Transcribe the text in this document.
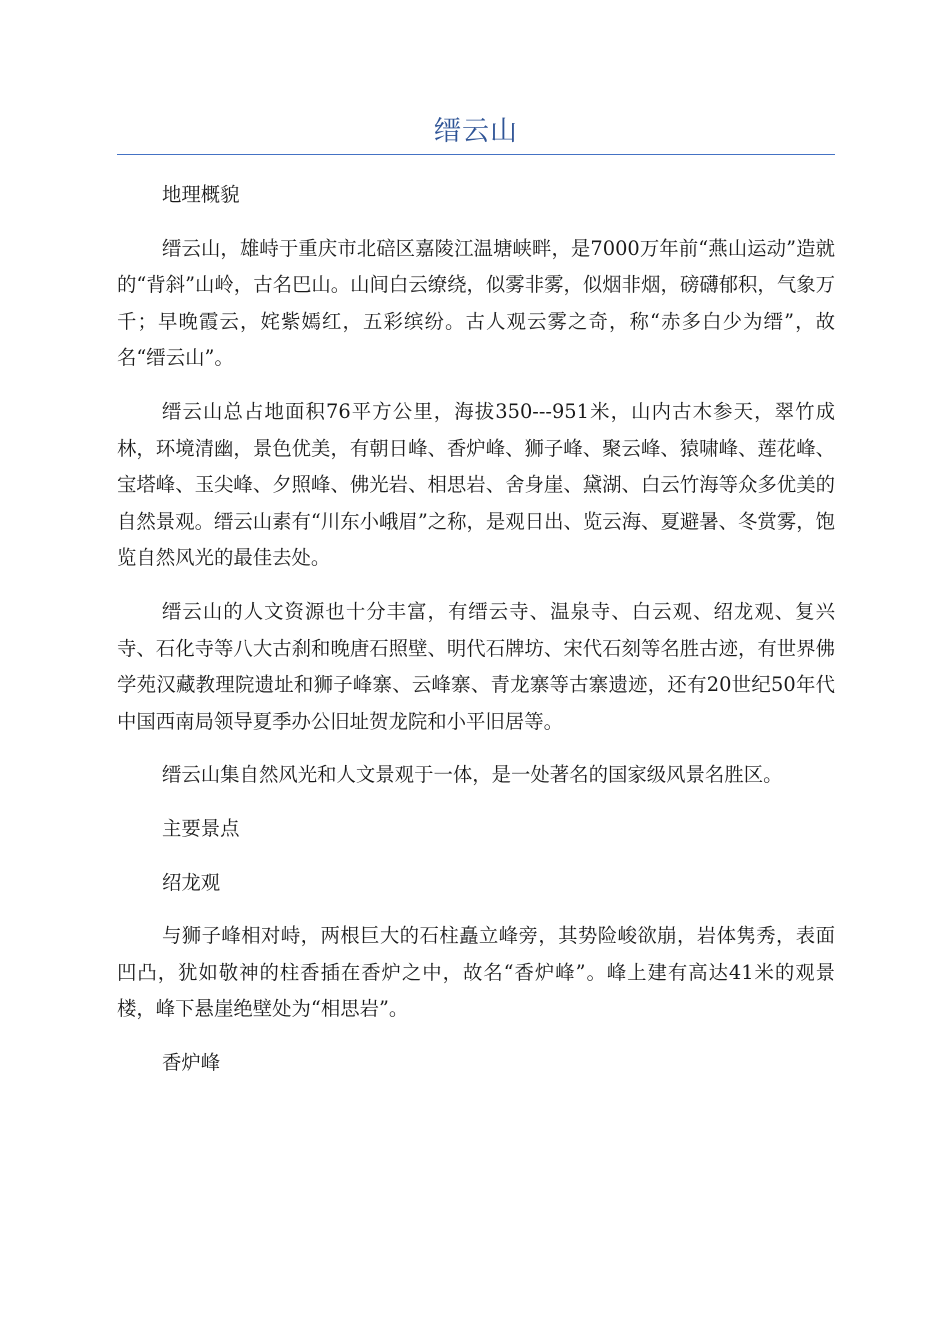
缙云山

地理概貌

缙云山，雄峙于重庆市北碚区嘉陵江温塘峡畔，是7000万年前“燕山运动”造就的“背斜”山岭，古名巴山。山间白云缭绕，似雾非雾，似烟非烟，磅礴郁积，气象万千；早晚霞云，姹紫嫣红，五彩缤纷。古人观云雾之奇，称“赤多白少为缙”，故名“缙云山”。

缙云山总占地面积76平方公里，海拔350---951米，山内古木参天，翠竹成林，环境清幽，景色优美，有朝日峰、香炉峰、狮子峰、聚云峰、猿啸峰、莲花峰、宝塔峰、玉尖峰、夕照峰、佛光岩、相思岩、舍身崖、黛湖、白云竹海等众多优美的自然景观。缙云山素有“川东小峨眉”之称，是观日出、览云海、夏避暑、冬赏雾，饱览自然风光的最佳去处。

缙云山的人文资源也十分丰富，有缙云寺、温泉寺、白云观、绍龙观、复兴寺、石化寺等八大古刹和晚唐石照壁、明代石牌坊、宋代石刻等名胜古迹，有世界佛学苑汉藏教理院遗址和狮子峰寨、云峰寨、青龙寨等古寨遗迹，还有20世纪50年代中国西南局领导夏季办公旧址贺龙院和小平旧居等。

缙云山集自然风光和人文景观于一体，是一处著名的国家级风景名胜区。

主要景点

绍龙观

与狮子峰相对峙，两根巨大的石柱矗立峰旁，其势险峻欲崩，岩体隽秀，表面凹凸，犹如敬神的柱香插在香炉之中，故名“香炉峰”。峰上建有高达41米的观景楼，峰下悬崖绝壁处为“相思岩”。

香炉峰
